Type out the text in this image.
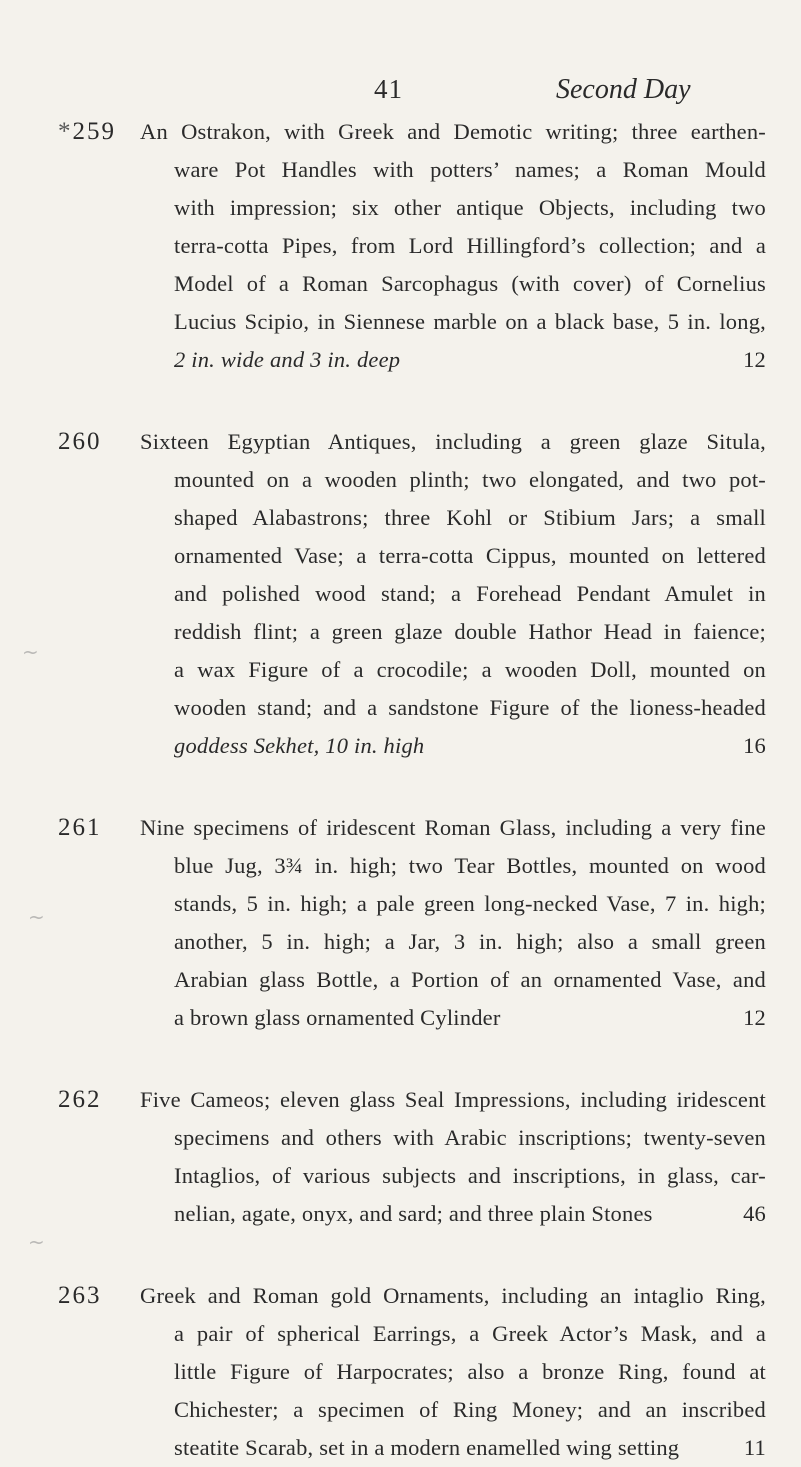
41	Second Day
~
~
~
*259	An Ostrakon, with Greek and Demotic writing; three earthen-
ware Pot Handles with potters’ names; a Roman Mould
with impression; six other antique Objects, including two
terra-cotta Pipes, from Lord Hillingford’s collection; and a
Model of a Roman Sarcophagus (with cover) of Cornelius
Lucius Scipio, in Siennese marble on a black base, 5 in. long,
2 in. wide and 3 in. deep	12
260	Sixteen Egyptian Antiques, including a green glaze Situla,
mounted on a wooden plinth; two elongated, and two pot-
shaped Alabastrons; three Kohl or Stibium Jars; a small
ornamented Vase; a terra-cotta Cippus, mounted on lettered
and polished wood stand; a Forehead Pendant Amulet in
reddish flint; a green glaze double Hathor Head in faience;
a wax Figure of a crocodile; a wooden Doll, mounted on
wooden stand; and a sandstone Figure of the lioness-headed
goddess Sekhet, 10 in. high	16
261	Nine specimens of iridescent Roman Glass, including a very fine
blue Jug, 3¾ in. high; two Tear Bottles, mounted on wood
stands, 5 in. high; a pale green long-necked Vase, 7 in. high;
another, 5 in. high; a Jar, 3 in. high; also a small green
Arabian glass Bottle, a Portion of an ornamented Vase, and
a brown glass ornamented Cylinder	12
262	Five Cameos; eleven glass Seal Impressions, including iridescent
specimens and others with Arabic inscriptions; twenty-seven
Intaglios, of various subjects and inscriptions, in glass, car-
nelian, agate, onyx, and sard; and three plain Stones	46
263	Greek and Roman gold Ornaments, including an intaglio Ring,
a pair of spherical Earrings, a Greek Actor’s Mask, and a
little Figure of Harpocrates; also a bronze Ring, found at
Chichester; a specimen of Ring Money; and an inscribed
steatite Scarab, set in a modern enamelled wing setting	11
